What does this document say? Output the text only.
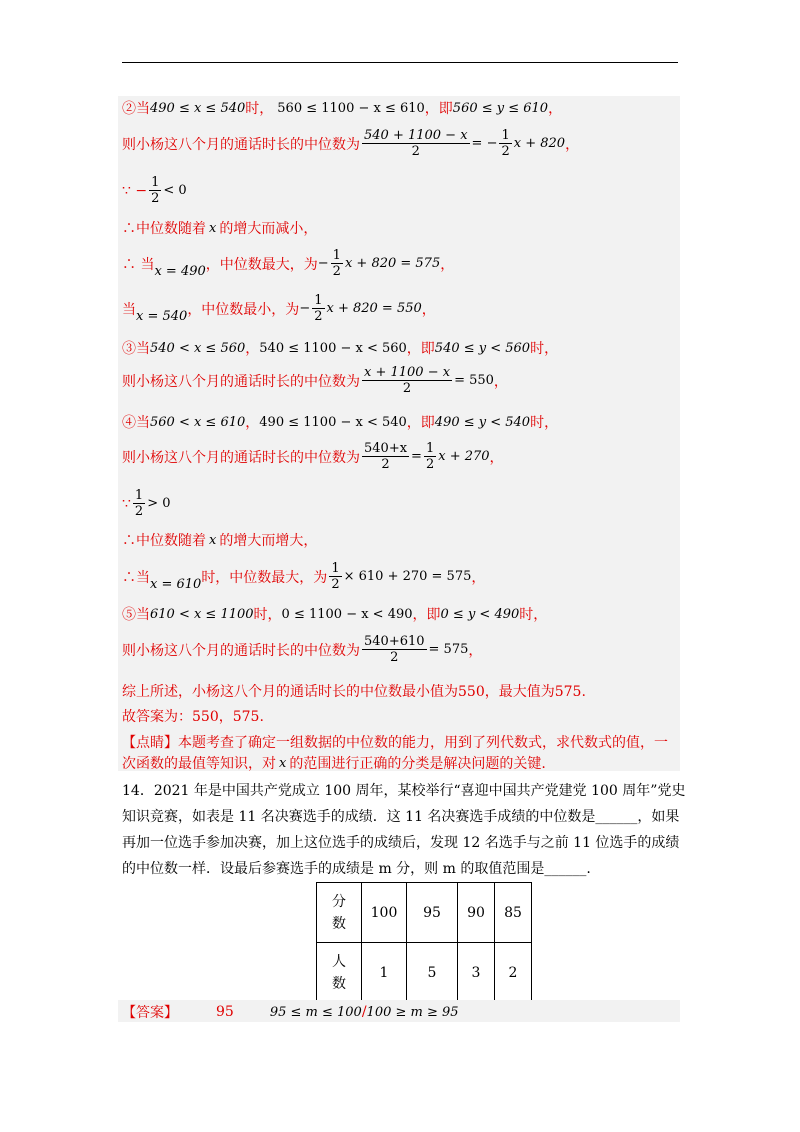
②当 490 ≤ x ≤ 540 时， 560 ≤ 1100 − x ≤ 610 ，即 560 ≤ y ≤ 610 ，
则小杨这八个月的通话时长的中位数为 $\frac{540 + 1100 - x}{2}$ = − $\frac{1}{2}$ x + 820 ，
∵ − $\frac{1}{2} < 0$
∴中位数随着 x 的增大而减小，
∴ 当 x = 490 ，中位数最大，为 − $\frac{1}{2}$ x + 820 = 575 ，
当 x = 540 ，中位数最小，为 − $\frac{1}{2}$ x + 820 = 550 ，
③当 540 < x ≤ 560 ， 540 ≤ 1100 − x < 560 ，即 540 ≤ y < 560 时，
则小杨这八个月的通话时长的中位数为 $\frac{x + 1100 - x}{2} = 550$ ，
④当 560 < x ≤ 610 ， 490 ≤ 1100 − x < 540 ，即 490 ≤ y < 540 时，
则小杨这八个月的通话时长的中位数为 $\frac{540+x}{2} = \frac{1}{2}$ x + 270 ，
∵ $\frac{1}{2} > 0$
∴中位数随着 x 的增大而增大，
∴当 x = 610 时，中位数最大，为 $\frac{1}{2} \times 610 + 270 = 575$ ，
⑤当 610 < x ≤ 1100 时， 0 ≤ 1100 − x < 490 ，即 0 ≤ y < 490 时，
则小杨这八个月的通话时长的中位数为 $\frac{540+610}{2} = 575$ ，
综上所述，小杨这八个月的通话时长的中位数最小值为550，最大值为575.
故答案为：550，575.
【点睛】本题考查了确定一组数据的中位数的能力，用到了列代数式，求代数式的值，一
次函数的最值等知识，对 x 的范围进行正确的分类是解决问题的关键.
14．2021 年是中国共产党成立 100 周年，某校举行“喜迎中国共产党建党 100 周年”党史
知识竞赛，如表是 11 名决赛选手的成绩．这 11 名决赛选手成绩的中位数是______，如果
再加一位选手参加决赛，加上这位选手的成绩后，发现 12 名选手与之前 11 位选手的成绩
的中位数一样．设最后参赛选手的成绩是 m 分，则 m 的取值范围是______.
分
数	100	95	90	85

人
数	1	5	3	2
【答案】	95	95 ≤ m ≤ 100 / 100 ≥ m ≥ 95
